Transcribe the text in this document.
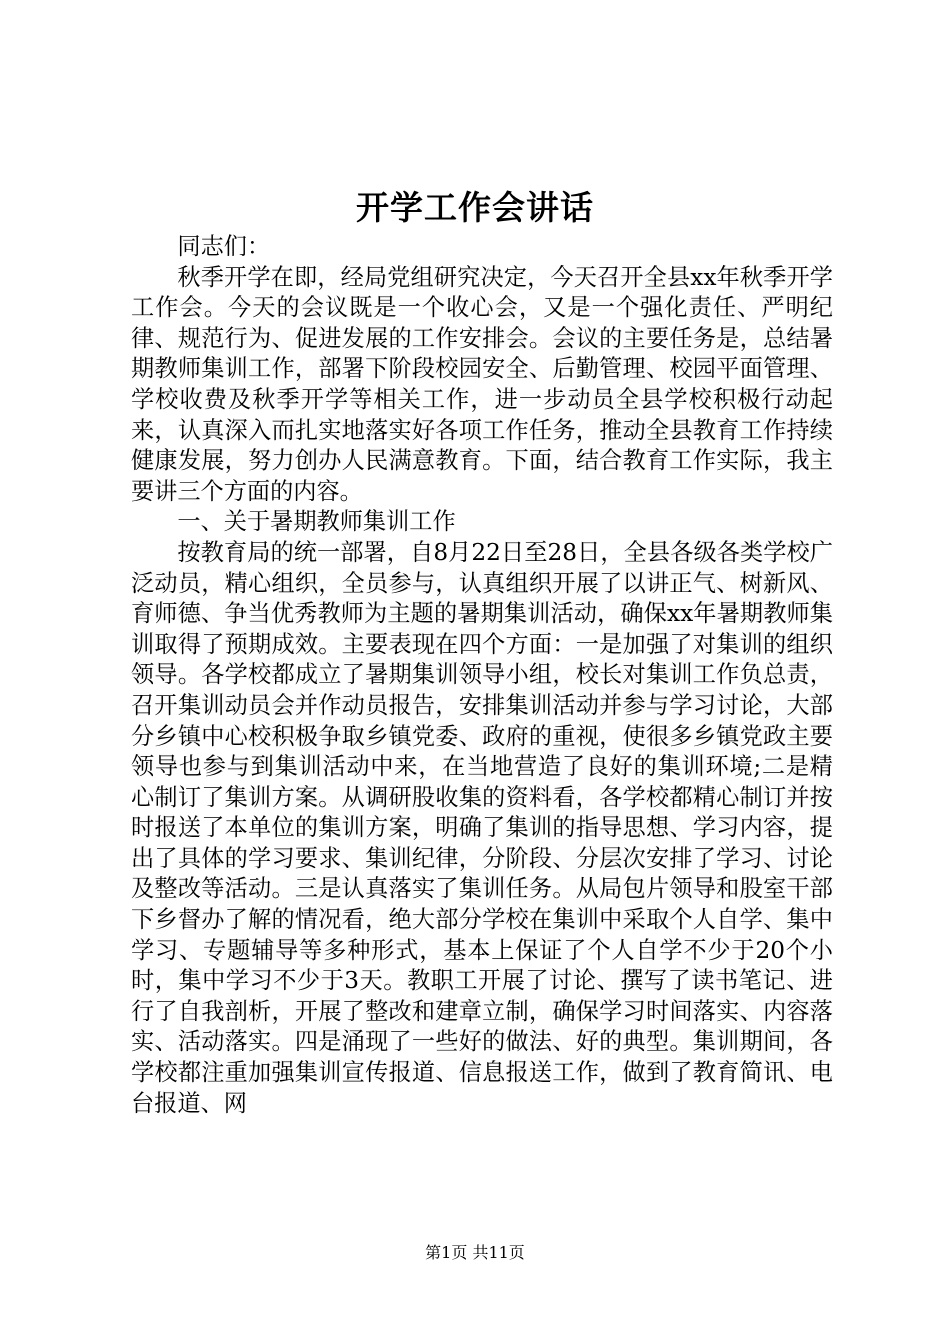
开学工作会讲话

同志们：

秋季开学在即，经局党组研究决定，今天召开全县xx年秋季开学工作会。今天的会议既是一个收心会，又是一个强化责任、严明纪律、规范行为、促进发展的工作安排会。会议的主要任务是，总结暑期教师集训工作，部署下阶段校园安全、后勤管理、校园平面管理、学校收费及秋季开学等相关工作，进一步动员全县学校积极行动起来，认真深入而扎实地落实好各项工作任务，推动全县教育工作持续健康发展，努力创办人民满意教育。下面，结合教育工作实际，我主要讲三个方面的内容。

一、关于暑期教师集训工作

按教育局的统一部署，自8月22日至28日，全县各级各类学校广泛动员，精心组织，全员参与，认真组织开展了以讲正气、树新风、育师德、争当优秀教师为主题的暑期集训活动，确保xx年暑期教师集训取得了预期成效。主要表现在四个方面：一是加强了对集训的组织领导。各学校都成立了暑期集训领导小组，校长对集训工作负总责，召开集训动员会并作动员报告，安排集训活动并参与学习讨论，大部分乡镇中心校积极争取乡镇党委、政府的重视，使很多乡镇党政主要领导也参与到集训活动中来，在当地营造了良好的集训环境;二是精心制订了集训方案。从调研股收集的资料看，各学校都精心制订并按时报送了本单位的集训方案，明确了集训的指导思想、学习内容，提出了具体的学习要求、集训纪律，分阶段、分层次安排了学习、讨论及整改等活动。三是认真落实了集训任务。从局包片领导和股室干部下乡督办了解的情况看，绝大部分学校在集训中采取个人自学、集中学习、专题辅导等多种形式，基本上保证了个人自学不少于20个小时，集中学习不少于3天。教职工开展了讨论、撰写了读书笔记、进行了自我剖析，开展了整改和建章立制，确保学习时间落实、内容落实、活动落实。四是涌现了一些好的做法、好的典型。集训期间，各学校都注重加强集训宣传报道、信息报送工作，做到了教育简讯、电台报道、网

第1页 共11页
